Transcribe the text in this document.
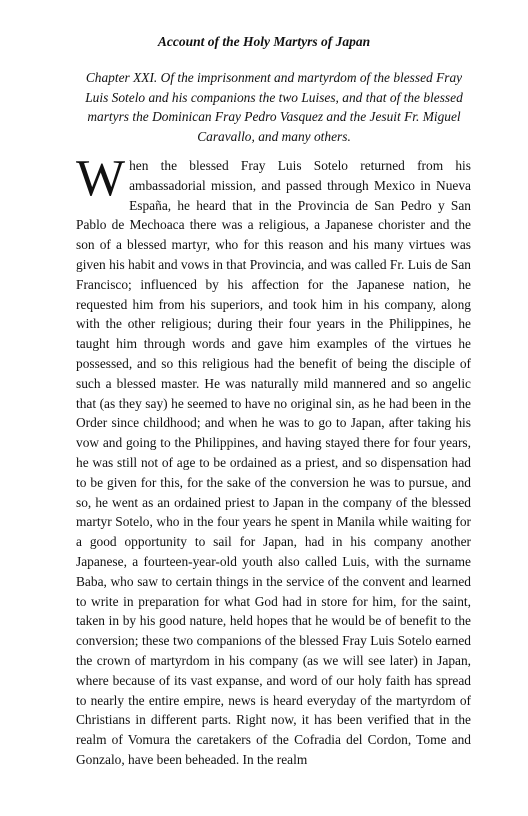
Account of the Holy Martyrs of Japan
Chapter XXI. Of the imprisonment and martyrdom of the blessed Fray Luis Sotelo and his companions the two Luises, and that of the blessed martyrs the Dominican Fray Pedro Vasquez and the Jesuit Fr. Miguel Caravallo, and many others.
When the blessed Fray Luis Sotelo returned from his ambassadorial mission, and passed through Mexico in Nueva España, he heard that in the Provincia de San Pedro y San Pablo de Mechoaca there was a religious, a Japanese chorister and the son of a blessed martyr, who for this reason and his many virtues was given his habit and vows in that Provincia, and was called Fr. Luis de San Francisco; influenced by his affection for the Japanese nation, he requested him from his superiors, and took him in his company, along with the other religious; during their four years in the Philippines, he taught him through words and gave him examples of the virtues he possessed, and so this religious had the benefit of being the disciple of such a blessed master. He was naturally mild mannered and so angelic that (as they say) he seemed to have no original sin, as he had been in the Order since childhood; and when he was to go to Japan, after taking his vow and going to the Philippines, and having stayed there for four years, he was still not of age to be ordained as a priest, and so dispensation had to be given for this, for the sake of the conversion he was to pursue, and so, he went as an ordained priest to Japan in the company of the blessed martyr Sotelo, who in the four years he spent in Manila while waiting for a good opportunity to sail for Japan, had in his company another Japanese, a fourteen-year-old youth also called Luis, with the surname Baba, who saw to certain things in the service of the convent and learned to write in preparation for what God had in store for him, for the saint, taken in by his good nature, held hopes that he would be of benefit to the conversion; these two companions of the blessed Fray Luis Sotelo earned the crown of martyrdom in his company (as we will see later) in Japan, where because of its vast expanse, and word of our holy faith has spread to nearly the entire empire, news is heard everyday of the martyrdom of Christians in different parts. Right now, it has been verified that in the realm of Vomura the caretakers of the Cofradia del Cordon, Tome and Gonzalo, have been beheaded. In the realm
